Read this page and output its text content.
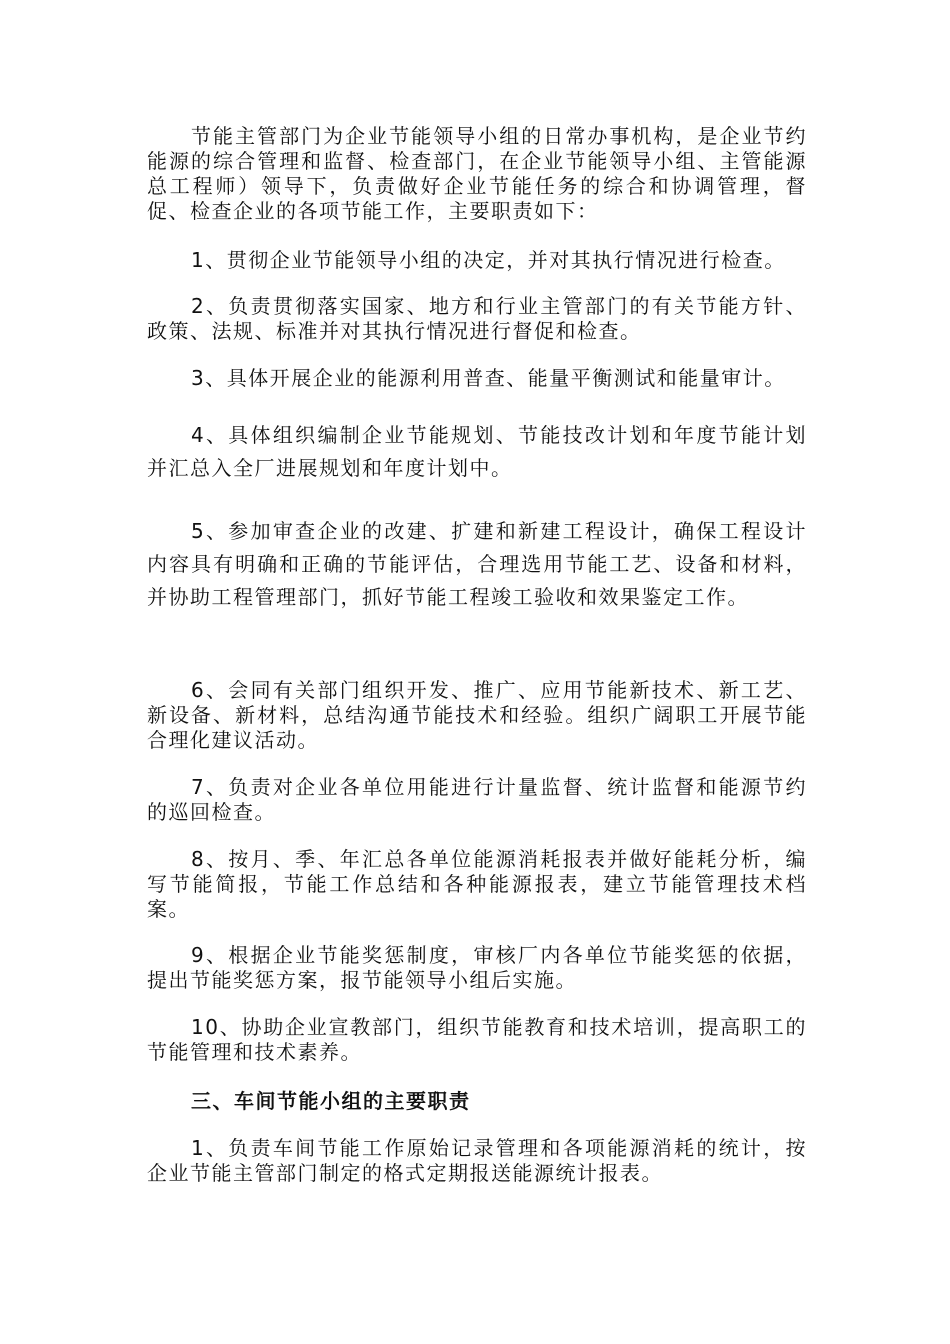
节能主管部门为企业节能领导小组的日常办事机构，是企业节约能源的综合管理和监督、检查部门，在企业节能领导小组、主管能源总工程师）领导下，负责做好企业节能任务的综合和协调管理，督促、检查企业的各项节能工作，主要职责如下：

1、贯彻企业节能领导小组的决定，并对其执行情况进行检查。

2、负责贯彻落实国家、地方和行业主管部门的有关节能方针、政策、法规、标准并对其执行情况进行督促和检查。

3、具体开展企业的能源利用普查、能量平衡测试和能量审计。

4、具体组织编制企业节能规划、节能技改计划和年度节能计划并汇总入全厂进展规划和年度计划中。

5、参加审查企业的改建、扩建和新建工程设计，确保工程设计内容具有明确和正确的节能评估，合理选用节能工艺、设备和材料，并协助工程管理部门，抓好节能工程竣工验收和效果鉴定工作。

6、会同有关部门组织开发、推广、应用节能新技术、新工艺、新设备、新材料，总结沟通节能技术和经验。组织广阔职工开展节能合理化建议活动。

7、负责对企业各单位用能进行计量监督、统计监督和能源节约的巡回检查。

8、按月、季、年汇总各单位能源消耗报表并做好能耗分析，编写节能简报，节能工作总结和各种能源报表，建立节能管理技术档案。

9、根据企业节能奖惩制度，审核厂内各单位节能奖惩的依据，提出节能奖惩方案，报节能领导小组后实施。

10、协助企业宣教部门，组织节能教育和技术培训，提高职工的节能管理和技术素养。

三、车间节能小组的主要职责

1、负责车间节能工作原始记录管理和各项能源消耗的统计，按企业节能主管部门制定的格式定期报送能源统计报表。
